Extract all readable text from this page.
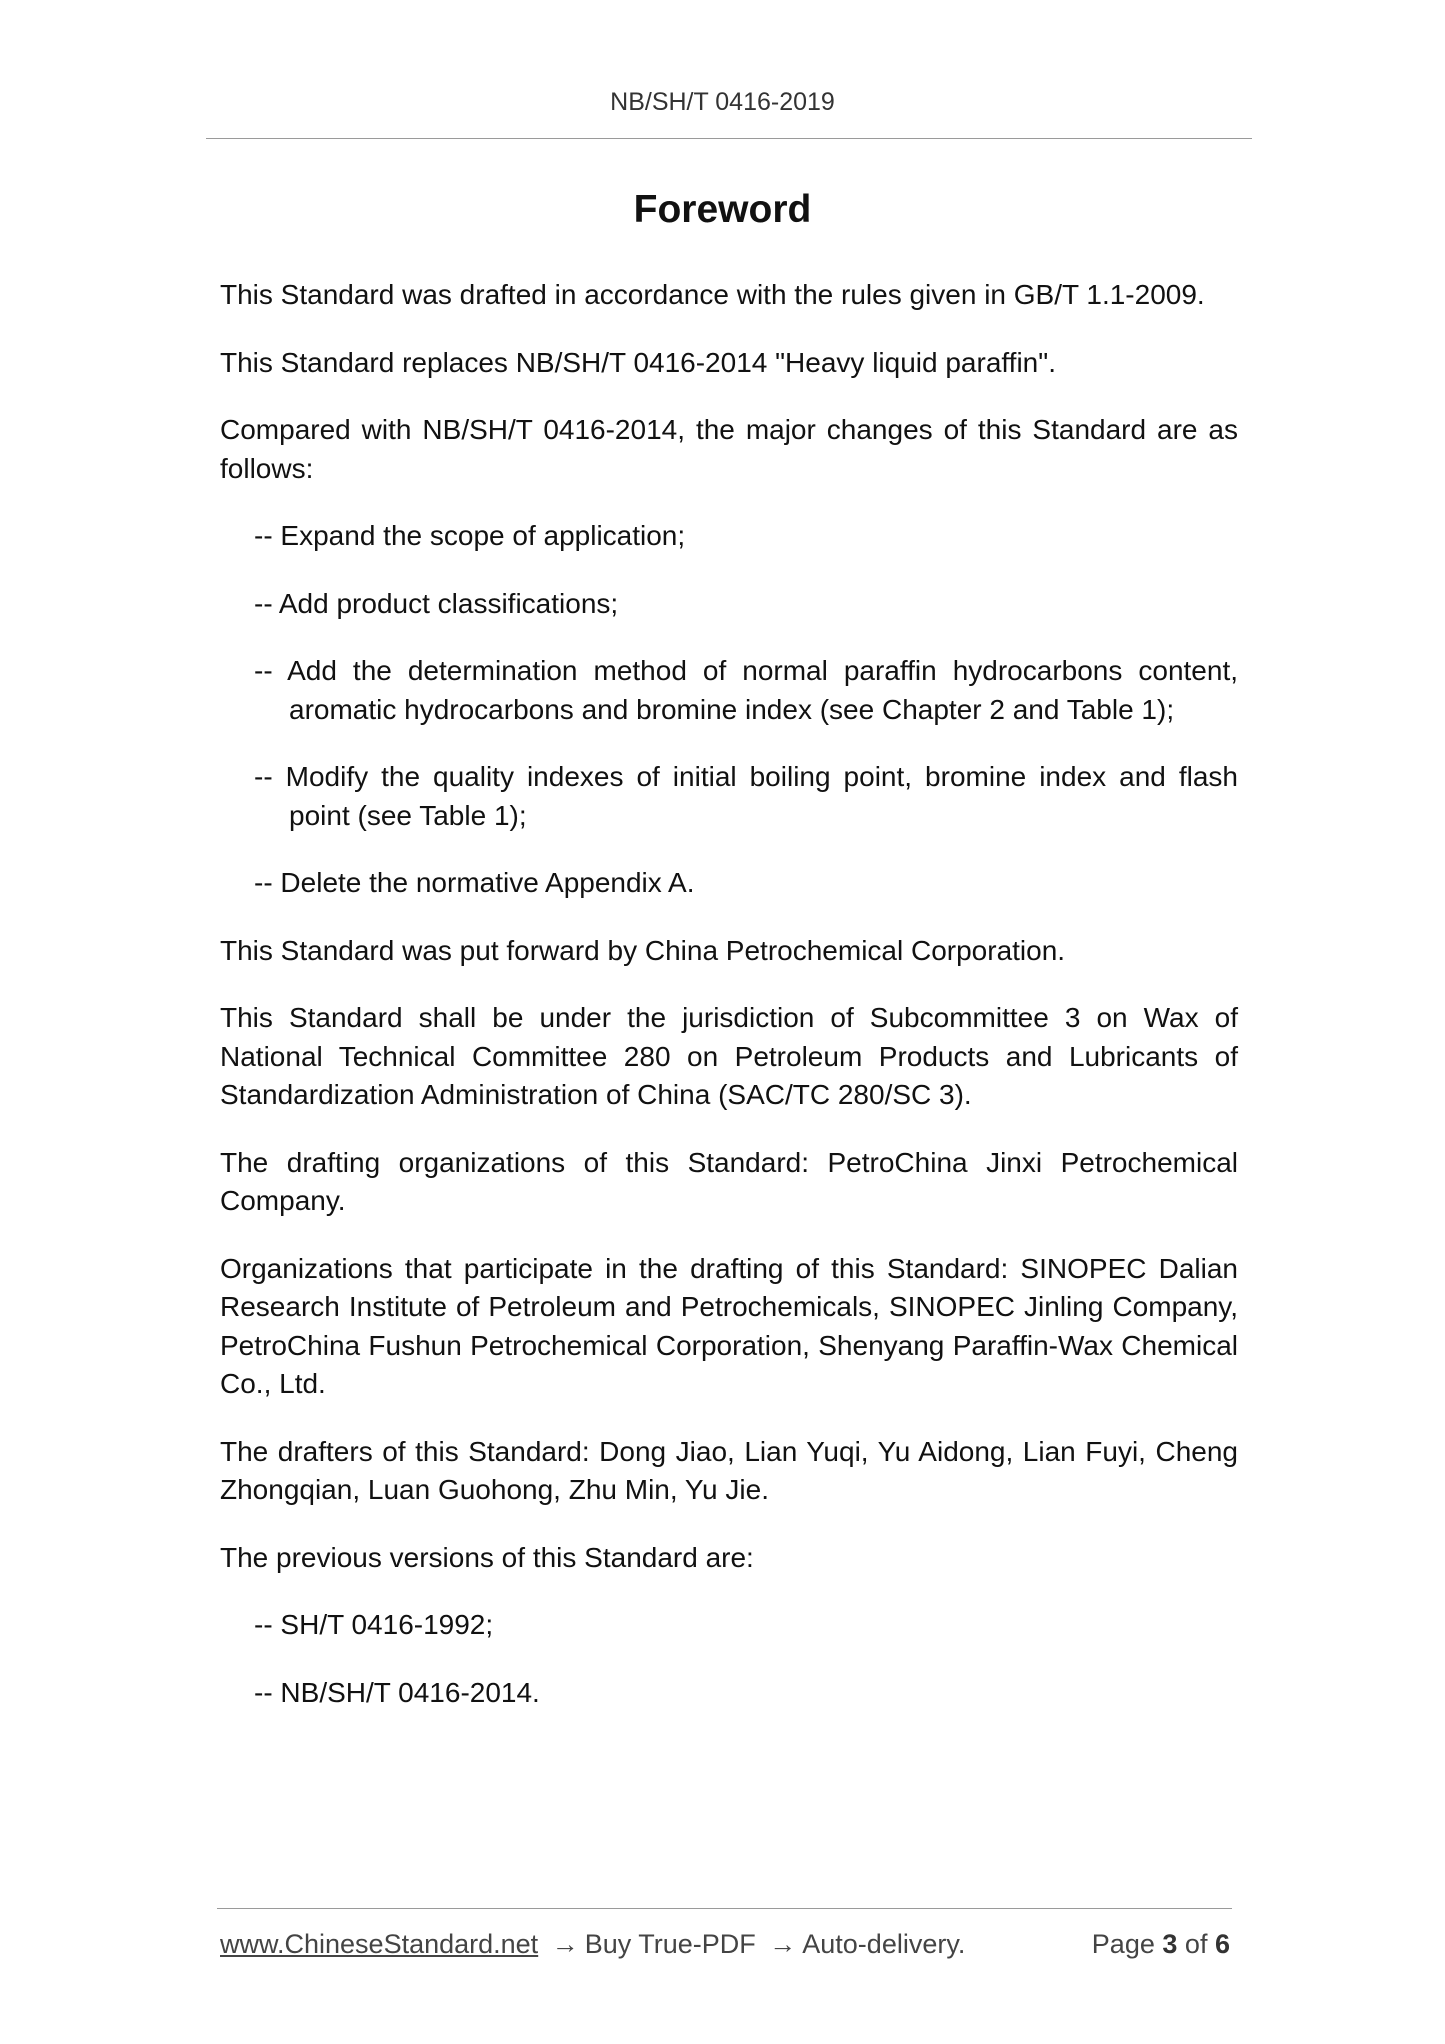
NB/SH/T 0416-2019
Foreword

This Standard was drafted in accordance with the rules given in GB/T 1.1-2009.

This Standard replaces NB/SH/T 0416-2014 "Heavy liquid paraffin".

Compared with NB/SH/T 0416-2014, the major changes of this Standard are as follows:

-- Expand the scope of application;

-- Add product classifications;

-- Add the determination method of normal paraffin hydrocarbons content, aromatic hydrocarbons and bromine index (see Chapter 2 and Table 1);

-- Modify the quality indexes of initial boiling point, bromine index and flash point (see Table 1);

-- Delete the normative Appendix A.

This Standard was put forward by China Petrochemical Corporation.

This Standard shall be under the jurisdiction of Subcommittee 3 on Wax of National Technical Committee 280 on Petroleum Products and Lubricants of Standardization Administration of China (SAC/TC 280/SC 3).

The drafting organizations of this Standard: PetroChina Jinxi Petrochemical Company.

Organizations that participate in the drafting of this Standard: SINOPEC Dalian Research Institute of Petroleum and Petrochemicals, SINOPEC Jinling Company, PetroChina Fushun Petrochemical Corporation, Shenyang Paraffin-Wax Chemical Co., Ltd.

The drafters of this Standard: Dong Jiao, Lian Yuqi, Yu Aidong, Lian Fuyi, Cheng Zhongqian, Luan Guohong, Zhu Min, Yu Jie.

The previous versions of this Standard are:

-- SH/T 0416-1992;

-- NB/SH/T 0416-2014.

www.ChineseStandard.net → Buy True-PDF → Auto-delivery.	Page 3 of 6
